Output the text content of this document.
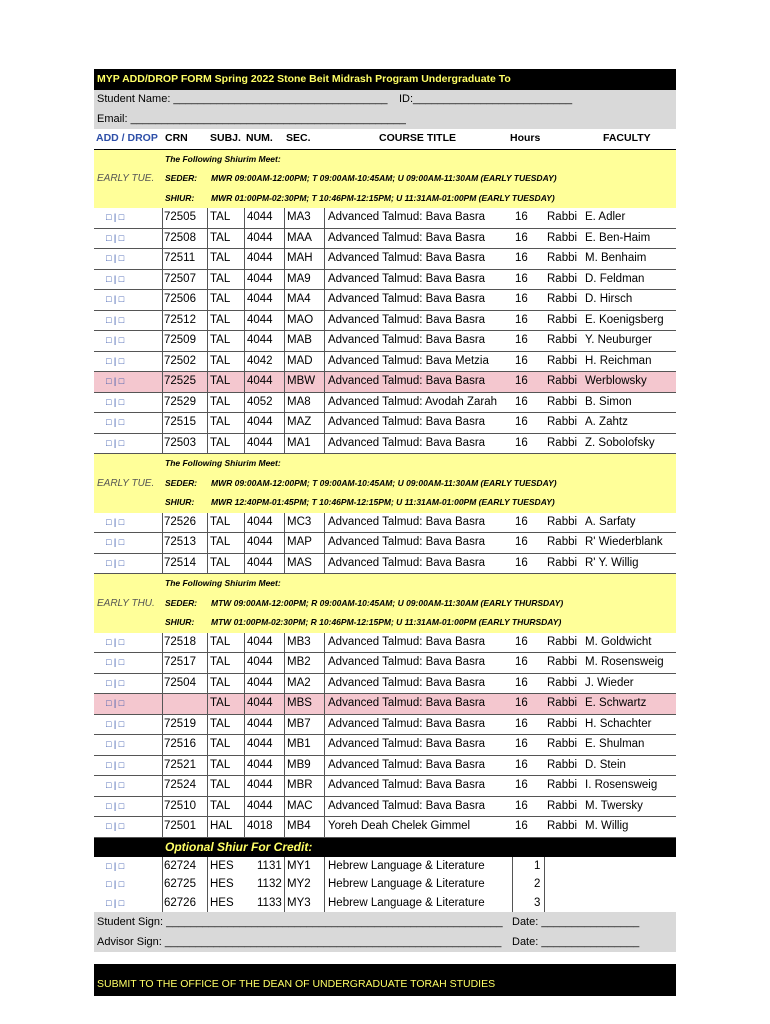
MYP ADD/DROP FORM Spring 2022 Stone Beit Midrash Program Undergraduate To
Student Name: ___________________________________ ID:__________________________
Email: _____________________________________________
ADD / DROP CRN SUBJ. NUM. SEC.	COURSE TITLE	Hours	FACULTY
The Following Shiurim Meet:
EARLY TUE. SEDER: MWR 09:00AM-12:00PM; T 09:00AM-10:45AM; U 09:00AM-11:30AM (EARLY TUESDAY)
SHIUR: MWR 01:00PM-02:30PM; T 10:46PM-12:15PM; U 11:31AM-01:00PM (EARLY TUESDAY)
□ | □	72505 TAL 4044 MA3 Advanced Talmud: Bava Basra	16 Rabbi E. Adler
□ | □	72508 TAL 4044 MAA Advanced Talmud: Bava Basra	16 Rabbi E. Ben-Haim
□ | □	72511 TAL 4044 MAH Advanced Talmud: Bava Basra	16 Rabbi M. Benhaim
□ | □	72507 TAL 4044 MA9 Advanced Talmud: Bava Basra	16 Rabbi D. Feldman
□ | □	72506 TAL 4044 MA4 Advanced Talmud: Bava Basra	16 Rabbi D. Hirsch
□ | □	72512 TAL 4044 MAO Advanced Talmud: Bava Basra	16 Rabbi E. Koenigsberg
□ | □	72509 TAL 4044 MAB Advanced Talmud: Bava Basra	16 Rabbi Y. Neuburger
□ | □	72502 TAL 4042 MAD Advanced Talmud: Bava Metzia 16 Rabbi H. Reichman
□ | □	72525 TAL 4044 MBW Advanced Talmud: Bava Basra	16 Rabbi Werblowsky
□ | □	72529 TAL 4052 MA8 Advanced Talmud: Avodah Zarah 16 Rabbi B. Simon
□ | □	72515 TAL 4044 MAZ Advanced Talmud: Bava Basra	16 Rabbi A. Zahtz
□ | □	72503 TAL 4044 MA1 Advanced Talmud: Bava Basra	16 Rabbi Z. Sobolofsky
The Following Shiurim Meet:
EARLY TUE. SEDER: MWR 09:00AM-12:00PM; T 09:00AM-10:45AM; U 09:00AM-11:30AM (EARLY TUESDAY)
SHIUR: MWR 12:40PM-01:45PM; T 10:46PM-12:15PM; U 11:31AM-01:00PM (EARLY TUESDAY)
□ | □	72526 TAL 4044 MC3 Advanced Talmud: Bava Basra	16 Rabbi A. Sarfaty
□ | □	72513 TAL 4044 MAP Advanced Talmud: Bava Basra	16 Rabbi R' Wiederblank
□ | □	72514 TAL 4044 MAS Advanced Talmud: Bava Basra	16 Rabbi R' Y. Willig
The Following Shiurim Meet:
EARLY THU. SEDER: MTW 09:00AM-12:00PM; R 09:00AM-10:45AM; U 09:00AM-11:30AM (EARLY THURSDAY)
SHIUR: MTW 01:00PM-02:30PM; R 10:46PM-12:15PM; U 11:31AM-01:00PM (EARLY THURSDAY)
□ | □	72518 TAL 4044 MB3 Advanced Talmud: Bava Basra	16 Rabbi M. Goldwicht
□ | □	72517 TAL 4044 MB2 Advanced Talmud: Bava Basra	16 Rabbi M. Rosensweig
□ | □	72504 TAL 4044 MA2 Advanced Talmud: Bava Basra	16 Rabbi J. Wieder
□ | □	TAL 4044 MBS Advanced Talmud: Bava Basra	16 Rabbi E. Schwartz
□ | □	72519 TAL 4044 MB7 Advanced Talmud: Bava Basra	16 Rabbi H. Schachter
□ | □	72516 TAL 4044 MB1 Advanced Talmud: Bava Basra	16 Rabbi E. Shulman
□ | □	72521 TAL 4044 MB9 Advanced Talmud: Bava Basra	16 Rabbi D. Stein
□ | □	72524 TAL 4044 MBR Advanced Talmud: Bava Basra	16 Rabbi I. Rosensweig
□ | □	72510 TAL 4044 MAC Advanced Talmud: Bava Basra	16 Rabbi M. Twersky
□ | □	72501 HAL 4018 MB4 Yoreh Deah Chelek Gimmel	16 Rabbi M. Willig
Optional Shiur For Credit:
□ | □	62724 HES 1131 MY1 Hebrew Language & Literature	1
□ | □	62725 HES 1132 MY2 Hebrew Language & Literature	2
□ | □	62726 HES 1133 MY3 Hebrew Language & Literature	3
Student Sign: _______________________________________________________ Date: ________________
Advisor Sign: _______________________________________________________ Date: ________________
SUBMIT TO THE OFFICE OF THE DEAN OF UNDERGRADUATE TORAH STUDIES
